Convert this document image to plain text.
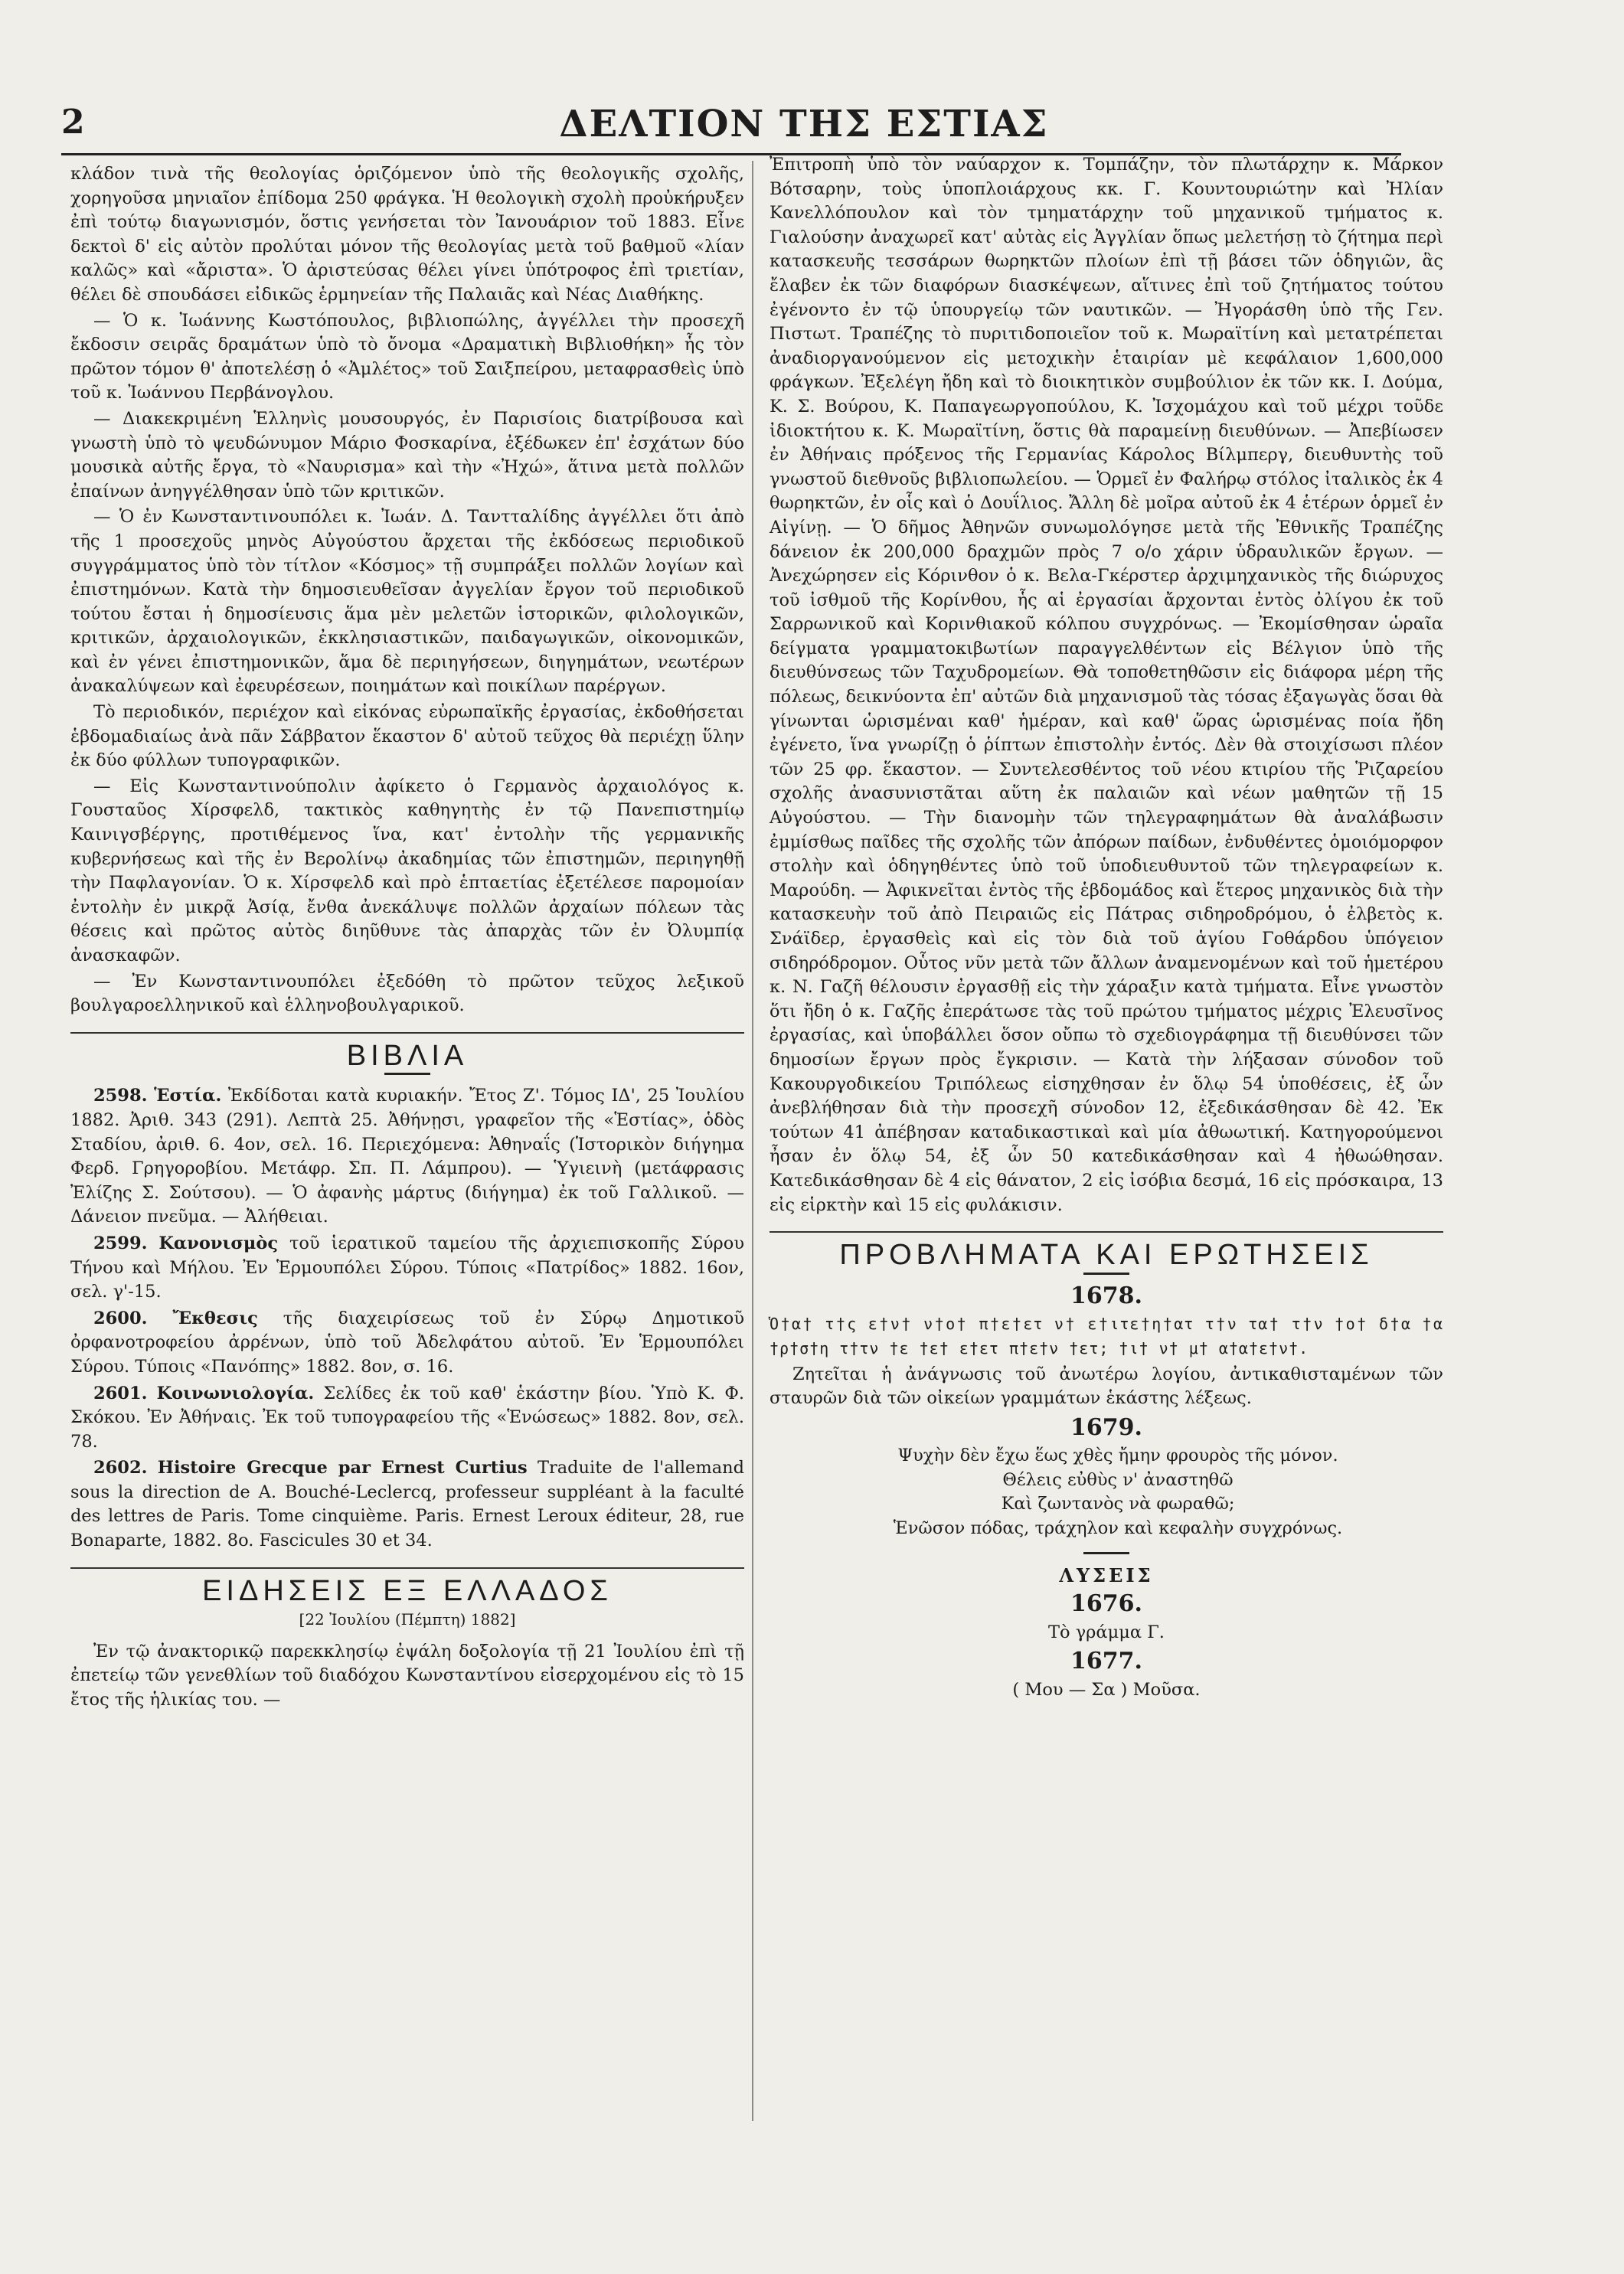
2	ΔΕΛΤΙΟΝ ΤΗΣ ΕΣΤΙΑΣ

κλάδον τινὰ τῆς θεολογίας ὁριζόμενον ὑπὸ τῆς θεολογικῆς σχολῆς, χορηγοῦσα μηνιαῖον ἐπίδομα 250 φράγκα. Ἡ θεολογικὴ σχολὴ προὐκήρυξεν ἐπὶ τούτῳ διαγωνισμόν, ὅστις γενήσεται τὸν Ἰανουάριον τοῦ 1883. Εἶνε δεκτοὶ δ' εἰς αὐτὸν προλύται μόνον τῆς θεολογίας μετὰ τοῦ βαθμοῦ «λίαν καλῶς» καὶ «ἄριστα». Ὁ ἀριστεύσας θέλει γίνει ὑπότροφος ἐπὶ τριετίαν, θέλει δὲ σπουδάσει εἰδικῶς ἑρμηνείαν τῆς Παλαιᾶς καὶ Νέας Διαθήκης.

— Ὁ κ. Ἰωάννης Κωστόπουλος, βιβλιοπώλης, ἀγγέλλει τὴν προσεχῆ ἔκδοσιν σειρᾶς δραμάτων ὑπὸ τὸ ὄνομα «Δραματικὴ Βιβλιοθήκη» ἧς τὸν πρῶτον τόμον θ' ἀποτελέσῃ ὁ «Ἀμλέτος» τοῦ Σαιξπείρου, μεταφρασθεὶς ὑπὸ τοῦ κ. Ἰωάννου Περβάνογλου.

— Διακεκριμένη Ἑλληνὶς μουσουργός, ἐν Παρισίοις διατρίβουσα καὶ γνωστὴ ὑπὸ τὸ ψευδώνυμον Μάριο Φοσκαρίνα, ἐξέδωκεν ἐπ' ἐσχάτων δύο μουσικὰ αὐτῆς ἔργα, τὸ «Ναυρισμα» καὶ τὴν «Ἠχώ», ἅτινα μετὰ πολλῶν ἐπαίνων ἀνηγγέλθησαν ὑπὸ τῶν κριτικῶν.

— Ὁ ἐν Κωνσταντινουπόλει κ. Ἰωάν. Δ. Ταντταλίδης ἀγγέλλει ὅτι ἀπὸ τῆς 1 προσεχοῦς μηνὸς Αὐγούστου ἄρχεται τῆς ἐκδόσεως περιοδικοῦ συγγράμματος ὑπὸ τὸν τίτλον «Κόσμος» τῇ συμπράξει πολλῶν λογίων καὶ ἐπιστημόνων. Κατὰ τὴν δημοσιευθεῖσαν ἀγγελίαν ἔργον τοῦ περιοδικοῦ τούτου ἔσται ἡ δημοσίευσις ἅμα μὲν μελετῶν ἱστορικῶν, φιλολογικῶν, κριτικῶν, ἀρχαιολογικῶν, ἐκκλησιαστικῶν, παιδαγωγικῶν, οἰκονομικῶν, καὶ ἐν γένει ἐπιστημονικῶν, ἅμα δὲ περιηγήσεων, διηγημάτων, νεωτέρων ἀνακαλύψεων καὶ ἐφευρέσεων, ποιημάτων καὶ ποικίλων παρέργων.

Τὸ περιοδικόν, περιέχον καὶ εἰκόνας εὐρωπαϊκῆς ἐργασίας, ἐκδοθήσεται ἑβδομαδιαίως ἀνὰ πᾶν Σάββατον ἕκαστον δ' αὐτοῦ τεῦχος θὰ περιέχῃ ὕλην ἐκ δύο φύλλων τυπογραφικῶν.

— Εἰς Κωνσταντινούπολιν ἀφίκετο ὁ Γερμανὸς ἀρχαιολόγος κ. Γουσταῦος Χίρσφελδ, τακτικὸς καθηγητὴς ἐν τῷ Πανεπιστημίῳ Καινιγσβέργης, προτιθέμενος ἵνα, κατ' ἐντολὴν τῆς γερμανικῆς κυβερνήσεως καὶ τῆς ἐν Βερολίνῳ ἀκαδημίας τῶν ἐπιστημῶν, περιηγηθῇ τὴν Παφλαγονίαν. Ὁ κ. Χίρσφελδ καὶ πρὸ ἑπταετίας ἐξετέλεσε παρομοίαν ἐντολὴν ἐν μικρᾷ Ἀσίᾳ, ἔνθα ἀνεκάλυψε πολλῶν ἀρχαίων πόλεων τὰς θέσεις καὶ πρῶτος αὐτὸς διηῦθυνε τὰς ἀπαρχὰς τῶν ἐν Ὀλυμπίᾳ ἀνασκαφῶν.

— Ἐν Κωνσταντινουπόλει ἐξεδόθη τὸ πρῶτον τεῦχος λεξικοῦ βουλγαροελληνικοῦ καὶ ἑλληνοβουλγαρικοῦ.

ΒΙΒΛΙΑ

2598. Ἑστία. Ἐκδίδοται κατὰ κυριακήν. Ἔτος Ζ'. Τόμος ΙΔ', 25 Ἰουλίου 1882. Ἀριθ. 343 (291). Λεπτὰ 25. Ἀθήνῃσι, γραφεῖον τῆς «Ἑστίας», ὁδὸς Σταδίου, ἀριθ. 6. 4ον, σελ. 16. Περιεχόμενα: Ἀθηναΐς (Ἱστορικὸν διήγημα Φερδ. Γρηγοροβίου. Μετάφρ. Σπ. Π. Λάμπρου). — Ὑγιεινὴ (μετάφρασις Ἐλίζης Σ. Σούτσου). — Ὁ ἀφανὴς μάρτυς (διήγημα) ἐκ τοῦ Γαλλικοῦ. — Δάνειον πνεῦμα. — Ἀλήθειαι.

2599. Κανονισμὸς τοῦ ἱερατικοῦ ταμείου τῆς ἀρχιεπισκοπῆς Σύρου Τήνου καὶ Μήλου. Ἐν Ἑρμουπόλει Σύρου. Τύποις «Πατρίδος» 1882. 16ον, σελ. γ'-15.

2600. Ἔκθεσις τῆς διαχειρίσεως τοῦ ἐν Σύρῳ Δημοτικοῦ ὀρφανοτροφείου ἀρρένων, ὑπὸ τοῦ Ἀδελφάτου αὐτοῦ. Ἐν Ἑρμουπόλει Σύρου. Τύποις «Πανόπης» 1882. 8ον, σ. 16.

2601. Κοινωνιολογία. Σελίδες ἐκ τοῦ καθ' ἑκάστην βίου. Ὑπὸ Κ. Φ. Σκόκου. Ἐν Ἀθήναις. Ἐκ τοῦ τυπογραφείου τῆς «Ἑνώσεως» 1882. 8ον, σελ. 78.

2602. Histoire Grecque par Ernest Curtius Traduite de l'allemand sous la direction de A. Bouché-Leclercq, professeur suppléant à la faculté des lettres de Paris. Tome cinquième. Paris. Ernest Leroux éditeur, 28, rue Bonaparte, 1882. 8o. Fascicules 30 et 34.

ΕΙΔΗΣΕΙΣ ΕΞ ΕΛΛΑΔΟΣ
[22 Ἰουλίου (Πέμπτη) 1882]

Ἐν τῷ ἀνακτορικῷ παρεκκλησίῳ ἐψάλη δοξολογία τῇ 21 Ἰουλίου ἐπὶ τῇ ἐπετείῳ τῶν γενεθλίων τοῦ διαδόχου Κωνσταντίνου εἰσερχομένου εἰς τὸ 15 ἔτος τῆς ἡλικίας του. —

Ἐπιτροπὴ ὑπὸ τὸν ναύαρχον κ. Τομπάζην, τὸν πλωτάρχην κ. Μάρκον Βότσαρην, τοὺς ὑποπλοιάρχους κκ. Γ. Κουντουριώτην καὶ Ἠλίαν Κανελλόπουλον καὶ τὸν τμηματάρχην τοῦ μηχανικοῦ τμήματος κ. Γιαλούσην ἀναχωρεῖ κατ' αὐτὰς εἰς Ἀγγλίαν ὅπως μελετήσῃ τὸ ζήτημα περὶ κατασκευῆς τεσσάρων θωρηκτῶν πλοίων ἐπὶ τῇ βάσει τῶν ὁδηγιῶν, ἃς ἔλαβεν ἐκ τῶν διαφόρων διασκέψεων, αἵτινες ἐπὶ τοῦ ζητήματος τούτου ἐγένοντο ἐν τῷ ὑπουργείῳ τῶν ναυτικῶν. — Ἠγοράσθη ὑπὸ τῆς Γεν. Πιστωτ. Τραπέζης τὸ πυριτιδοποιεῖον τοῦ κ. Μωραϊτίνη καὶ μετατρέπεται ἀναδιοργανούμενον εἰς μετοχικὴν ἑταιρίαν μὲ κεφάλαιον 1,600,000 φράγκων. Ἐξελέγη ἤδη καὶ τὸ διοικητικὸν συμβούλιον ἐκ τῶν κκ. Ι. Δούμα, Κ. Σ. Βούρου, Κ. Παπαγεωργοπούλου, Κ. Ἰσχομάχου καὶ τοῦ μέχρι τοῦδε ἰδιοκτήτου κ. Κ. Μωραϊτίνη, ὅστις θὰ παραμείνῃ διευθύνων. — Ἀπεβίωσεν ἐν Ἀθήναις πρόξενος τῆς Γερμανίας Κάρολος Βίλμπεργ, διευθυντὴς τοῦ γνωστοῦ διεθνοῦς βιβλιοπωλείου. — Ὁρμεῖ ἐν Φαλήρῳ στόλος ἰταλικὸς ἐκ 4 θωρηκτῶν, ἐν οἷς καὶ ὁ Δουΐλιος. Ἄλλη δὲ μοῖρα αὐτοῦ ἐκ 4 ἑτέρων ὁρμεῖ ἐν Αἰγίνῃ. — Ὁ δῆμος Ἀθηνῶν συνωμολόγησε μετὰ τῆς Ἐθνικῆς Τραπέζης δάνειον ἐκ 200,000 δραχμῶν πρὸς 7 ο/ο χάριν ὑδραυλικῶν ἔργων. — Ἀνεχώρησεν εἰς Κόρινθον ὁ κ. Βελα-Γκέρστερ ἀρχιμηχανικὸς τῆς διώρυχος τοῦ ἰσθμοῦ τῆς Κορίνθου, ἧς αἱ ἐργασίαι ἄρχονται ἐντὸς ὀλίγου ἐκ τοῦ Σαρρωνικοῦ καὶ Κορινθιακοῦ κόλπου συγχρόνως. — Ἐκομίσθησαν ὡραῖα δείγματα γραμματοκιβωτίων παραγγελθέντων εἰς Βέλγιον ὑπὸ τῆς διευθύνσεως τῶν Ταχυδρομείων. Θὰ τοποθετηθῶσιν εἰς διάφορα μέρη τῆς πόλεως, δεικνύοντα ἐπ' αὐτῶν διὰ μηχανισμοῦ τὰς τόσας ἐξαγωγὰς ὅσαι θὰ γίνωνται ὡρισμέναι καθ' ἡμέραν, καὶ καθ' ὥρας ὡρισμένας ποία ἤδη ἐγένετο, ἵνα γνωρίζῃ ὁ ῥίπτων ἐπιστολὴν ἐντός. Δὲν θὰ στοιχίσωσι πλέον τῶν 25 φρ. ἕκαστον. — Συντελεσθέντος τοῦ νέου κτιρίου τῆς Ῥιζαρείου σχολῆς ἀνασυνιστᾶται αὕτη ἐκ παλαιῶν καὶ νέων μαθητῶν τῇ 15 Αὐγούστου. — Τὴν διανομὴν τῶν τηλεγραφημάτων θὰ ἀναλάβωσιν ἐμμίσθως παῖδες τῆς σχολῆς τῶν ἀπόρων παίδων, ἐνδυθέντες ὁμοιόμορφον στολὴν καὶ ὁδηγηθέντες ὑπὸ τοῦ ὑποδιευθυντοῦ τῶν τηλεγραφείων κ. Μαρούδη. — Ἀφικνεῖται ἐντὸς τῆς ἑβδομάδος καὶ ἕτερος μηχανικὸς διὰ τὴν κατασκευὴν τοῦ ἀπὸ Πειραιῶς εἰς Πάτρας σιδηροδρόμου, ὁ ἐλβετὸς κ. Σνάϊδερ, ἐργασθεὶς καὶ εἰς τὸν διὰ τοῦ ἁγίου Γοθάρδου ὑπόγειον σιδηρόδρομον. Οὗτος νῦν μετὰ τῶν ἄλλων ἀναμενομένων καὶ τοῦ ἡμετέρου κ. Ν. Γαζῆ θέλουσιν ἐργασθῇ εἰς τὴν χάραξιν κατὰ τμήματα. Εἶνε γνωστὸν ὅτι ἤδη ὁ κ. Γαζῆς ἐπεράτωσε τὰς τοῦ πρώτου τμήματος μέχρις Ἐλευσῖνος ἐργασίας, καὶ ὑποβάλλει ὅσον οὔπω τὸ σχεδιογράφημα τῇ διευθύνσει τῶν δημοσίων ἔργων πρὸς ἔγκρισιν. — Κατὰ τὴν λήξασαν σύνοδον τοῦ Κακουργοδικείου Τριπόλεως εἰσηχθησαν ἐν ὅλῳ 54 ὑποθέσεις, ἐξ ὧν ἀνεβλήθησαν διὰ τὴν προσεχῆ σύνοδον 12, ἐξεδικάσθησαν δὲ 42. Ἐκ τούτων 41 ἀπέβησαν καταδικαστικαὶ καὶ μία ἀθωωτική. Κατηγορούμενοι ἦσαν ἐν ὅλῳ 54, ἐξ ὧν 50 κατεδικάσθησαν καὶ 4 ἠθωώθησαν. Κατεδικάσθησαν δὲ 4 εἰς θάνατον, 2 εἰς ἰσόβια δεσμά, 16 εἰς πρόσκαιρα, 13 εἰς εἱρκτὴν καὶ 15 εἰς φυλάκισιν.

ΠΡΟΒΛΗΜΑΤΑ ΚΑΙ ΕΡΩΤΗΣΕΙΣ
1678.

Ὁ†α† τ†ς ε†ν† ν†ο† π†ε†ετ ν† ε†ιτε†η†ατ τ†ν τα† τ†ν †ο† δ†α †α †ρ†σ†η τ†τν †ε †ε† ε†ετ π†ε†ν †ετ; †ι† ν† μ† α†α†ε†ν†.

Ζητεῖται ἡ ἀνάγνωσις τοῦ ἀνωτέρω λογίου, ἀντικαθισταμένων τῶν σταυρῶν διὰ τῶν οἰκείων γραμμάτων ἑκάστης λέξεως.

1679.

Ψυχὴν δὲν ἔχω ἕως χθὲς ἤμην φρουρὸς τῆς μόνον.

Θέλεις εὐθὺς ν' ἀναστηθῶ

Καὶ ζωντανὸς νὰ φωραθῶ;

Ἑνῶσον πόδας, τράχηλον καὶ κεφαλὴν συγχρόνως.

ΛΥΣΕΙΣ
1676.
Τὸ γράμμα Γ.
1677.
( Μου — Σα ) Μοῦσα.
